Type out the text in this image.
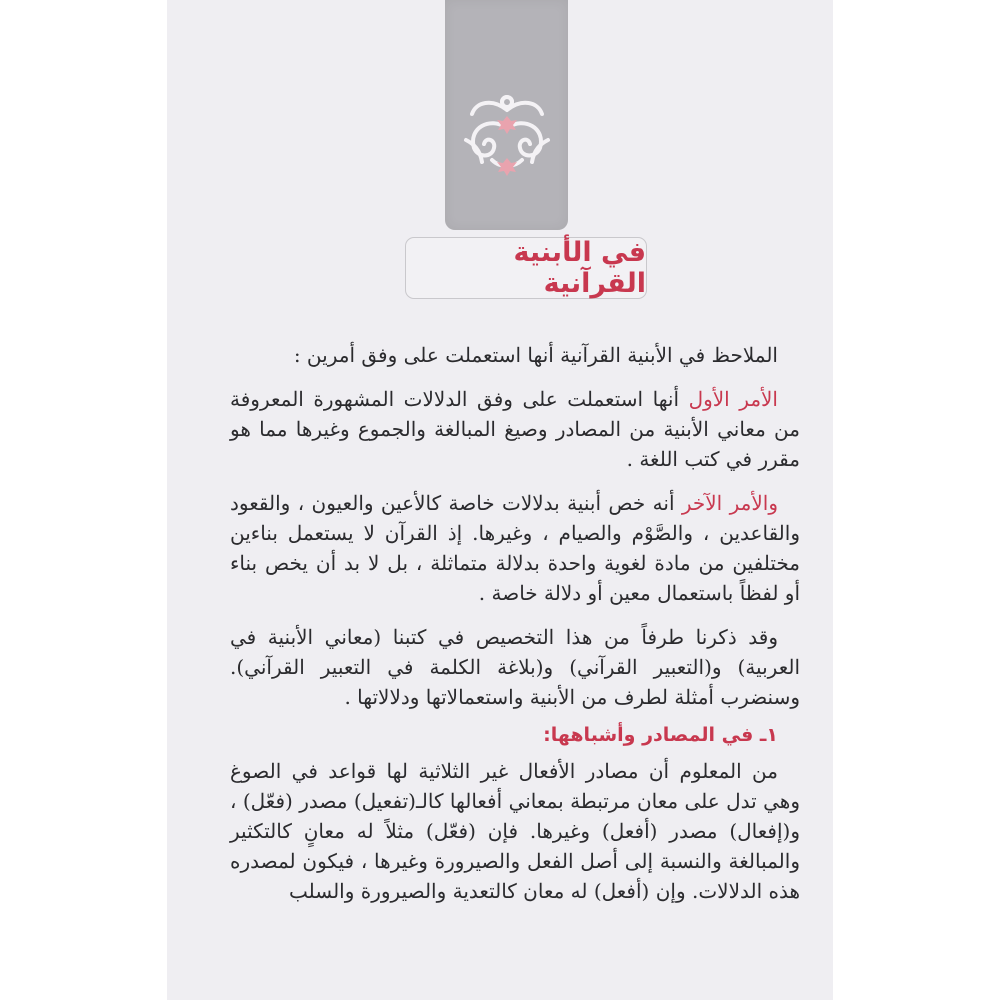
في الأبنية القرآنية

الملاحظ في الأبنية القرآنية أنها استعملت على وفق أمرين :

الأمر الأول أنها استعملت على وفق الدلالات المشهورة المعروفة من معاني الأبنية من المصادر وصيغ المبالغة والجموع وغيرها مما هو مقرر في كتب اللغة .

والأمر الآخر أنه خص أبنية بدلالات خاصة كالأعين والعيون ، والقعود والقاعدين ، والصَّوْم والصيام ، وغيرها. إذ القرآن لا يستعمل بناءين مختلفين من مادة لغوية واحدة بدلالة متماثلة ، بل لا بد أن يخص بناء أو لفظاً باستعمال معين أو دلالة خاصة .

وقد ذكرنا طرفاً من هذا التخصيص في كتبنا (معاني الأبنية في العربية) و(التعبير القرآني) و(بلاغة الكلمة في التعبير القرآني). وسنضرب أمثلة لطرف من الأبنية واستعمالاتها ودلالاتها .

١ـ في المصادر وأشباهها:

من المعلوم أن مصادر الأفعال غير الثلاثية لها قواعد في الصوغ وهي تدل على معان مرتبطة بمعاني أفعالها كالـ(تفعيل) مصدر (فعّل) ، و(إفعال) مصدر (أفعل) وغيرها. فإن (فعّل) مثلاً له معانٍ كالتكثير والمبالغة والنسبة إلى أصل الفعل والصيرورة وغيرها ، فيكون لمصدره هذه الدلالات. وإن (أفعل) له معان كالتعدية والصيرورة والسلب
